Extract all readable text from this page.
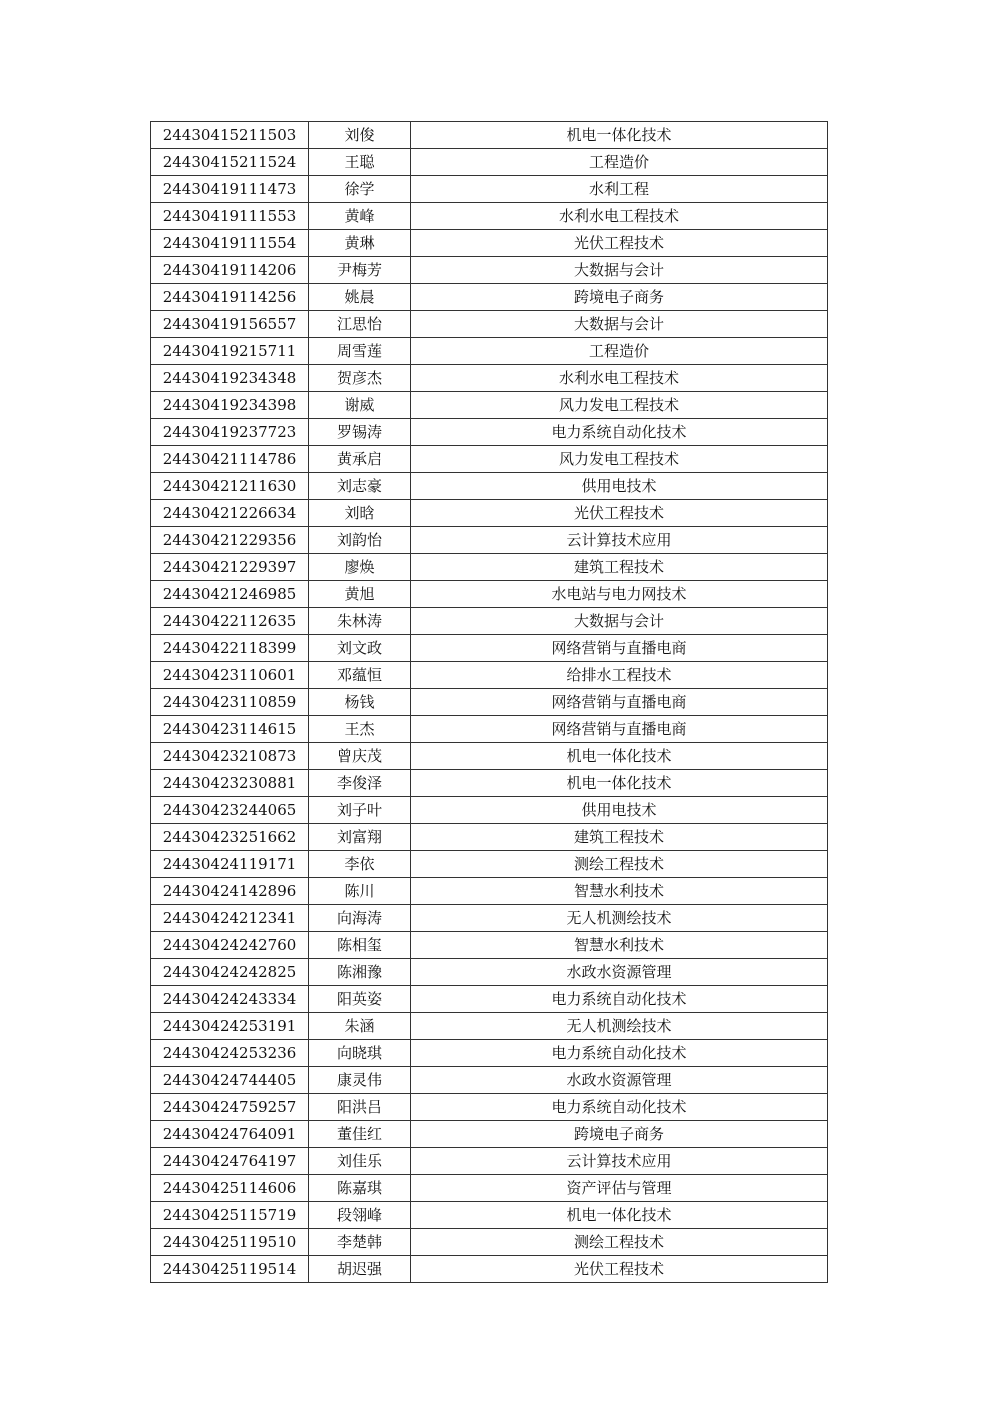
24430415211503	刘俊	机电一体化技术
24430415211524	王聪	工程造价
24430419111473	徐学	水利工程
24430419111553	黄峰	水利水电工程技术
24430419111554	黄琳	光伏工程技术
24430419114206	尹梅芳	大数据与会计
24430419114256	姚晨	跨境电子商务
24430419156557	江思怡	大数据与会计
24430419215711	周雪莲	工程造价
24430419234348	贺彦杰	水利水电工程技术
24430419234398	谢威	风力发电工程技术
24430419237723	罗锡涛	电力系统自动化技术
24430421114786	黄承启	风力发电工程技术
24430421211630	刘志豪	供用电技术
24430421226634	刘晗	光伏工程技术
24430421229356	刘韵怡	云计算技术应用
24430421229397	廖焕	建筑工程技术
24430421246985	黄旭	水电站与电力网技术
24430422112635	朱林涛	大数据与会计
24430422118399	刘文政	网络营销与直播电商
24430423110601	邓蕴恒	给排水工程技术
24430423110859	杨钱	网络营销与直播电商
24430423114615	王杰	网络营销与直播电商
24430423210873	曾庆茂	机电一体化技术
24430423230881	李俊泽	机电一体化技术
24430423244065	刘子叶	供用电技术
24430423251662	刘富翔	建筑工程技术
24430424119171	李依	测绘工程技术
24430424142896	陈川	智慧水利技术
24430424212341	向海涛	无人机测绘技术
24430424242760	陈相玺	智慧水利技术
24430424242825	陈湘豫	水政水资源管理
24430424243334	阳英姿	电力系统自动化技术
24430424253191	朱涵	无人机测绘技术
24430424253236	向晓琪	电力系统自动化技术
24430424744405	康灵伟	水政水资源管理
24430424759257	阳洪吕	电力系统自动化技术
24430424764091	董佳红	跨境电子商务
24430424764197	刘佳乐	云计算技术应用
24430425114606	陈嘉琪	资产评估与管理
24430425115719	段翎峰	机电一体化技术
24430425119510	李楚韩	测绘工程技术
24430425119514	胡迟强	光伏工程技术
